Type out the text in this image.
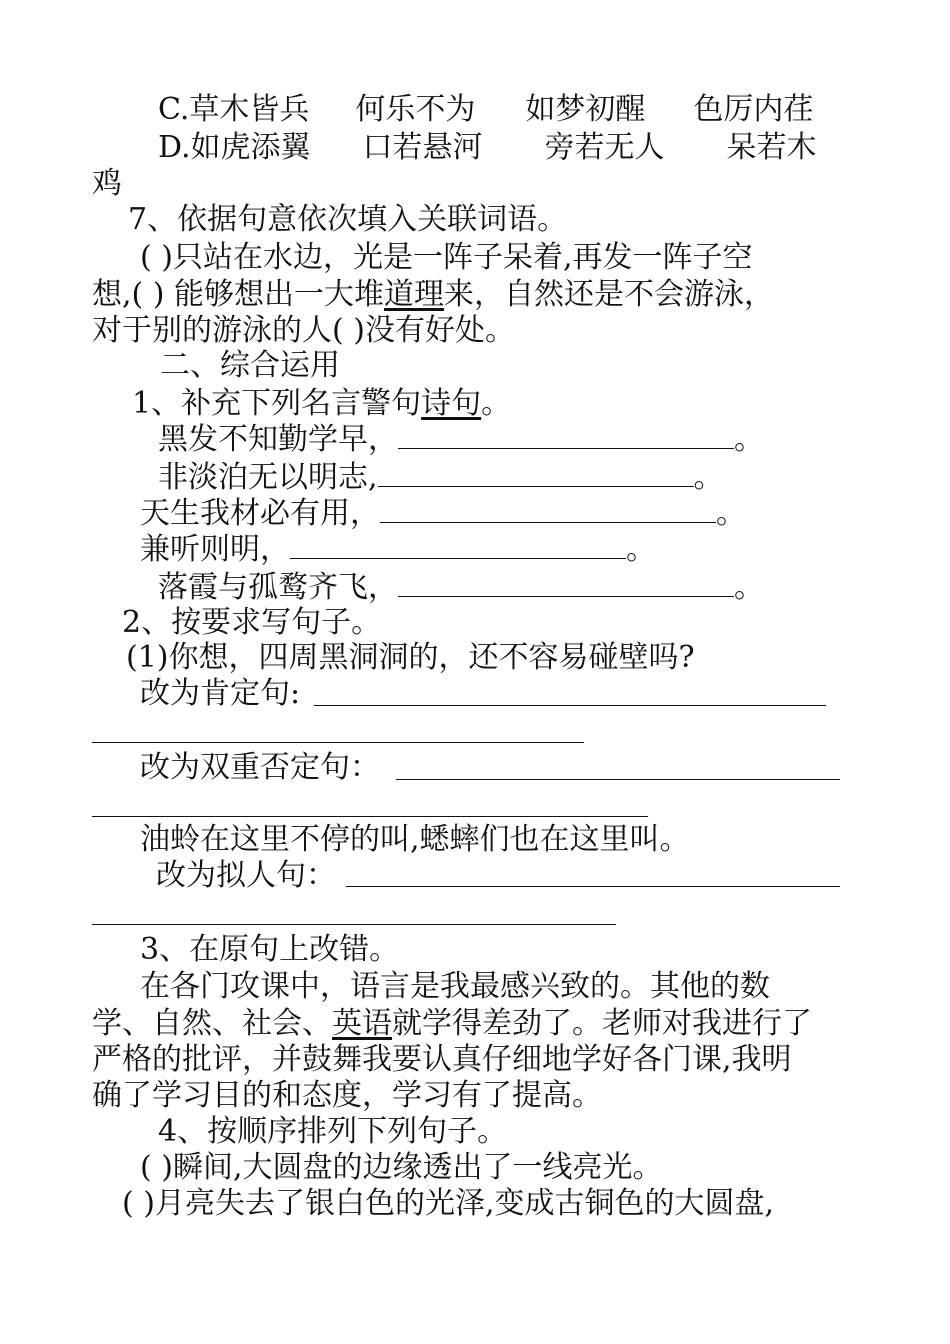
C.草木皆兵 何乐不为 如梦初醒 色厉内荏
D.如虎添翼 口若悬河 旁若无人 呆若木
鸡
7、依据句意依次填入关联词语。
( )只站在水边，光是一阵子呆着,再发一阵子空
想,( ) 能够想出一大堆道理来，自然还是不会游泳，
对于别的游泳的人( )没有好处。
二、综合运用
1、补充下列名言警句诗句。
黑发不知勤学早，	。
非淡泊无以明志,	。
天生我材必有用，	。
兼听则明，	。
落霞与孤鹜齐飞，	。
2、按要求写句子。
(1)你想，四周黑洞洞的，还不容易碰壁吗?
改为肯定句:
改为双重否定句：
油蛉在这里不停的叫,蟋蟀们也在这里叫。
改为拟人句：
3、在原句上改错。
在各门攻课中，语言是我最感兴致的。其他的数
学、自然、社会、英语就学得差劲了。老师对我进行了
严格的批评，并鼓舞我要认真仔细地学好各门课,我明
确了学习目的和态度，学习有了提高。
4、按顺序排列下列句子。
( )瞬间,大圆盘的边缘透出了一线亮光。
( )月亮失去了银白色的光泽,变成古铜色的大圆盘,
